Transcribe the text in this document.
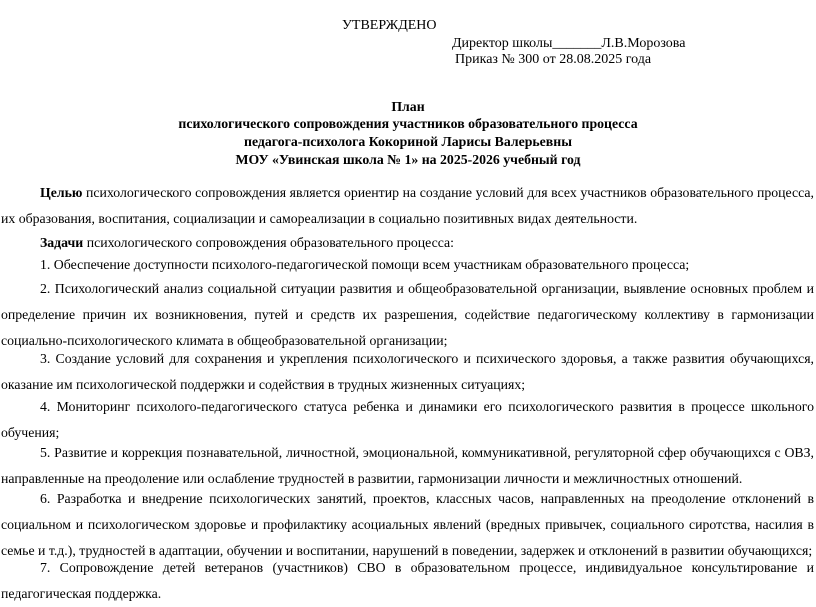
УТВЕРЖДЕНО
Директор школы_______Л.В.Морозова
Приказ № 300 от 28.08.2025 года
План
психологического сопровождения участников образовательного процесса
педагога-психолога Кокориной Ларисы Валерьевны
МОУ «Увинская школа № 1» на 2025-2026 учебный год
Целью психологического сопровождения является ориентир на создание условий для всех участников образовательного процесса, их образования, воспитания, социализации и самореализации в социально позитивных видах деятельности.
Задачи психологического сопровождения образовательного процесса:
1. Обеспечение доступности психолого-педагогической помощи всем участникам образовательного процесса;
2. Психологический анализ социальной ситуации развития и общеобразовательной организации, выявление основных проблем и определение причин их возникновения, путей и средств их разрешения, содействие педагогическому коллективу в гармонизации социально-психологического климата в общеобразовательной организации;
3. Создание условий для сохранения и укрепления психологического и психического здоровья, а также развития обучающихся, оказание им психологической поддержки и содействия в трудных жизненных ситуациях;
4. Мониторинг психолого-педагогического статуса ребенка и динамики его психологического развития в процессе школьного обучения;
5. Развитие и коррекция познавательной, личностной, эмоциональной, коммуникативной, регуляторной сфер обучающихся с ОВЗ, направленные на преодоление или ослабление трудностей в развитии, гармонизации личности и межличностных отношений.
6. Разработка и внедрение психологических занятий, проектов, классных часов, направленных на преодоление отклонений в социальном и психологическом здоровье и профилактику асоциальных явлений (вредных привычек, социального сиротства, насилия в семье и т.д.), трудностей в адаптации, обучении и воспитании, нарушений в поведении, задержек и отклонений в развитии обучающихся;
7. Сопровождение детей ветеранов (участников) СВО в образовательном процессе, индивидуальное консультирование и педагогическая поддержка.
